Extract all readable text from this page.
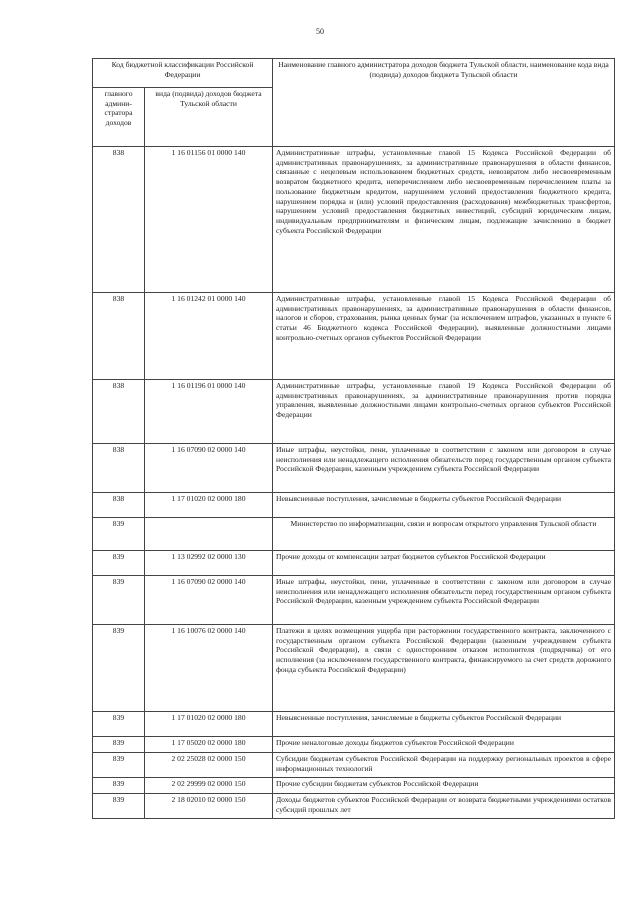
50
Код бюджетной классификации Российской Федерации		Наименование главного администратора доходов бюджета Тульской области, наименование кода вида (подвида) доходов бюджета Тульской области
главного админи-стратора доходов	вида (подвида) доходов бюджета Тульской области	
838	1 16 01156 01 0000 140	Административные штрафы, установленные главой 15 Кодекса Российской Федерации об административных правонарушениях, за административные правонарушения в области финансов, связанные с нецелевым использованием бюджетных средств, невозвратом либо несвоевременным возвратом бюджетного кредита, неперечислением либо несвоевременным перечислением платы за пользование бюджетным кредитом, нарушением условий предоставления бюджетного кредита, нарушением порядка и (или) условий предоставления (расходования) межбюджетных трансфертов, нарушением условий предоставления бюджетных инвестиций, субсидий юридическим лицам, индивидуальным предпринимателям и физическим лицам, подлежащие зачислению в бюджет субъекта Российской Федерации
838	1 16 01242 01 0000 140	Административные штрафы, установленные главой 15 Кодекса Российской Федерации об административных правонарушениях, за административные правонарушения в области финансов, налогов и сборов, страхования, рынка ценных бумаг (за исключением штрафов, указанных в пункте 6 статьи 46 Бюджетного кодекса Российской Федерации), выявленные должностными лицами контрольно-счетных органов субъектов Российской Федерации
838	1 16 01196 01 0000 140	Административные штрафы, установленные главой 19 Кодекса Российской Федерации об административных правонарушениях, за административные правонарушения против порядка управления, выявленные должностными лицами контрольно-счетных органов субъектов Российской Федерации
838	1 16 07090 02 0000 140	Иные штрафы, неустойки, пени, уплаченные в соответствии с законом или договором в случае неисполнения или ненадлежащего исполнения обязательств перед государственным органом субъекта Российской Федерации, казенным учреждением субъекта Российской Федерации
838	1 17 01020 02 0000 180	Невыясненные поступления, зачисляемые в бюджеты субъектов Российской Федерации
839		Министерство по информатизации, связи и вопросам открытого управления Тульской области
839	1 13 02992 02 0000 130	Прочие доходы от компенсации затрат бюджетов субъектов Российской Федерации
839	1 16 07090 02 0000 140	Иные штрафы, неустойки, пени, уплаченные в соответствии с законом или договором в случае неисполнения или ненадлежащего исполнения обязательств перед государственным органом субъекта Российской Федерации, казенным учреждением субъекта Российской Федерации
839	1 16 10076 02 0000 140	Платежи в целях возмещения ущерба при расторжении государственного контракта, заключенного с государственным органом субъекта Российской Федерации (казенным учреждением субъекта Российской Федерации), в связи с односторонним отказом исполнителя (подрядчика) от его исполнения (за исключением государственного контракта, финансируемого за счет средств дорожного фонда субъекта Российской Федерации)
839	1 17 01020 02 0000 180	Невыясненные поступления, зачисляемые в бюджеты субъектов Российской Федерации
839	1 17 05020 02 0000 180	Прочие неналоговые доходы бюджетов субъектов Российской Федерации
839	2 02 25028 02 0000 150	Субсидии бюджетам субъектов Российской Федерации на поддержку региональных проектов в сфере информационных технологий
839	2 02 29999 02 0000 150	Прочие субсидии бюджетам субъектов Российской Федерации
839	2 18 02010 02 0000 150	Доходы бюджетов субъектов Российской Федерации от возврата бюджетными учреждениями остатков субсидий прошлых лет
